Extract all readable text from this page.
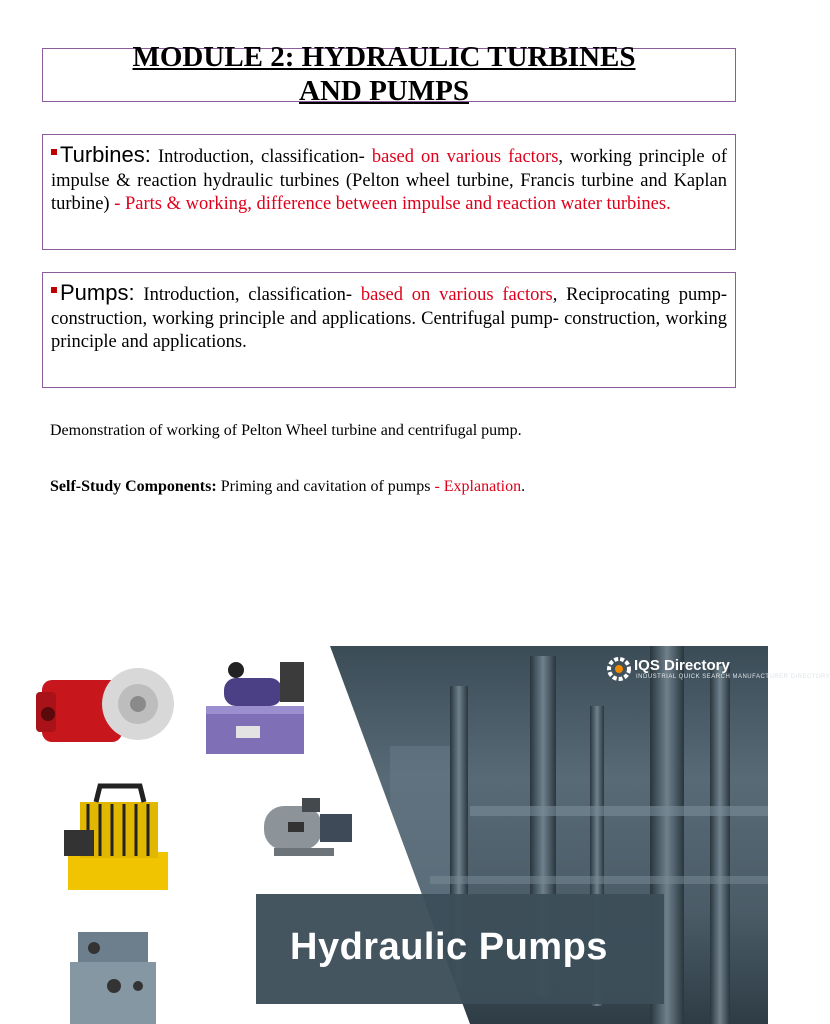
MODULE 2: HYDRAULIC TURBINES
AND PUMPS
Turbines: Introduction, classification- based on various factors, working principle of impulse & reaction hydraulic turbines (Pelton wheel turbine, Francis turbine and Kaplan turbine) - Parts & working, difference between impulse and reaction water turbines.
Pumps: Introduction, classification- based on various factors, Reciprocating pump- construction, working principle and applications. Centrifugal pump- construction, working principle and applications.
Demonstration of working of Pelton Wheel turbine and centrifugal pump.
Self-Study Components: Priming and cavitation of pumps - Explanation.
Hydraulic Pumps
IQS Directory
INDUSTRIAL QUICK SEARCH MANUFACTURER DIRECTORY
